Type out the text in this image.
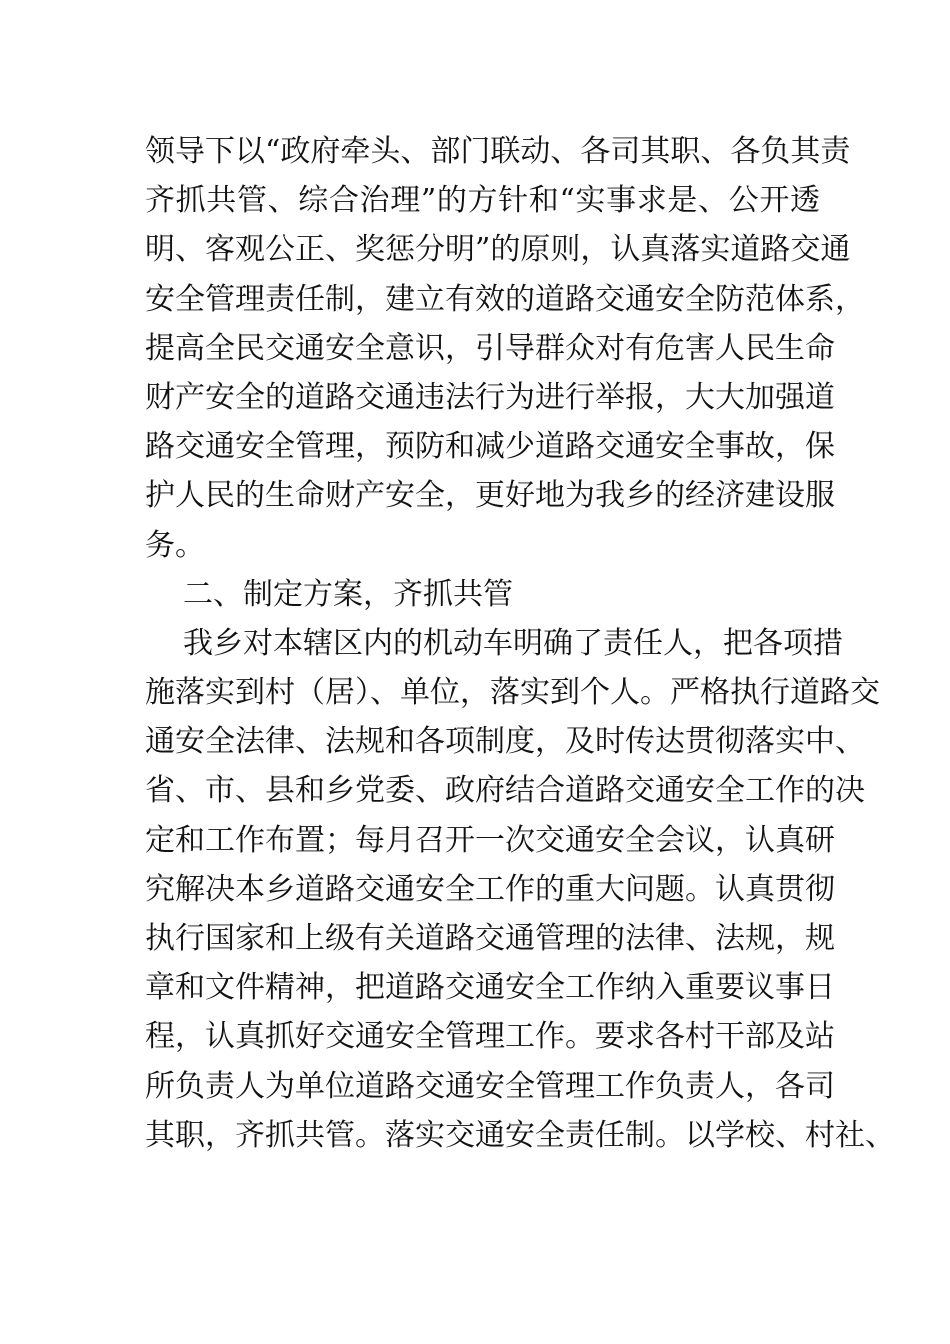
领导下以“政府牵头、部门联动、各司其职、各负其责
齐抓共管、综合治理”的方针和“实事求是、公开透
明、客观公正、奖惩分明”的原则，认真落实道路交通
安全管理责任制，建立有效的道路交通安全防范体系，
提高全民交通安全意识，引导群众对有危害人民生命
财产安全的道路交通违法行为进行举报，大大加强道
路交通安全管理，预防和减少道路交通安全事故，保
护人民的生命财产安全，更好地为我乡的经济建设服
务。
二、制定方案，齐抓共管
我乡对本辖区内的机动车明确了责任人，把各项措
施落实到村（居）、单位，落实到个人。严格执行道路交
通安全法律、法规和各项制度，及时传达贯彻落实中、
省、市、县和乡党委、政府结合道路交通安全工作的决
定和工作布置；每月召开一次交通安全会议，认真研
究解决本乡道路交通安全工作的重大问题。认真贯彻
执行国家和上级有关道路交通管理的法律、法规，规
章和文件精神，把道路交通安全工作纳入重要议事日
程，认真抓好交通安全管理工作。要求各村干部及站
所负责人为单位道路交通安全管理工作负责人，各司
其职，齐抓共管。落实交通安全责任制。以学校、村社、
